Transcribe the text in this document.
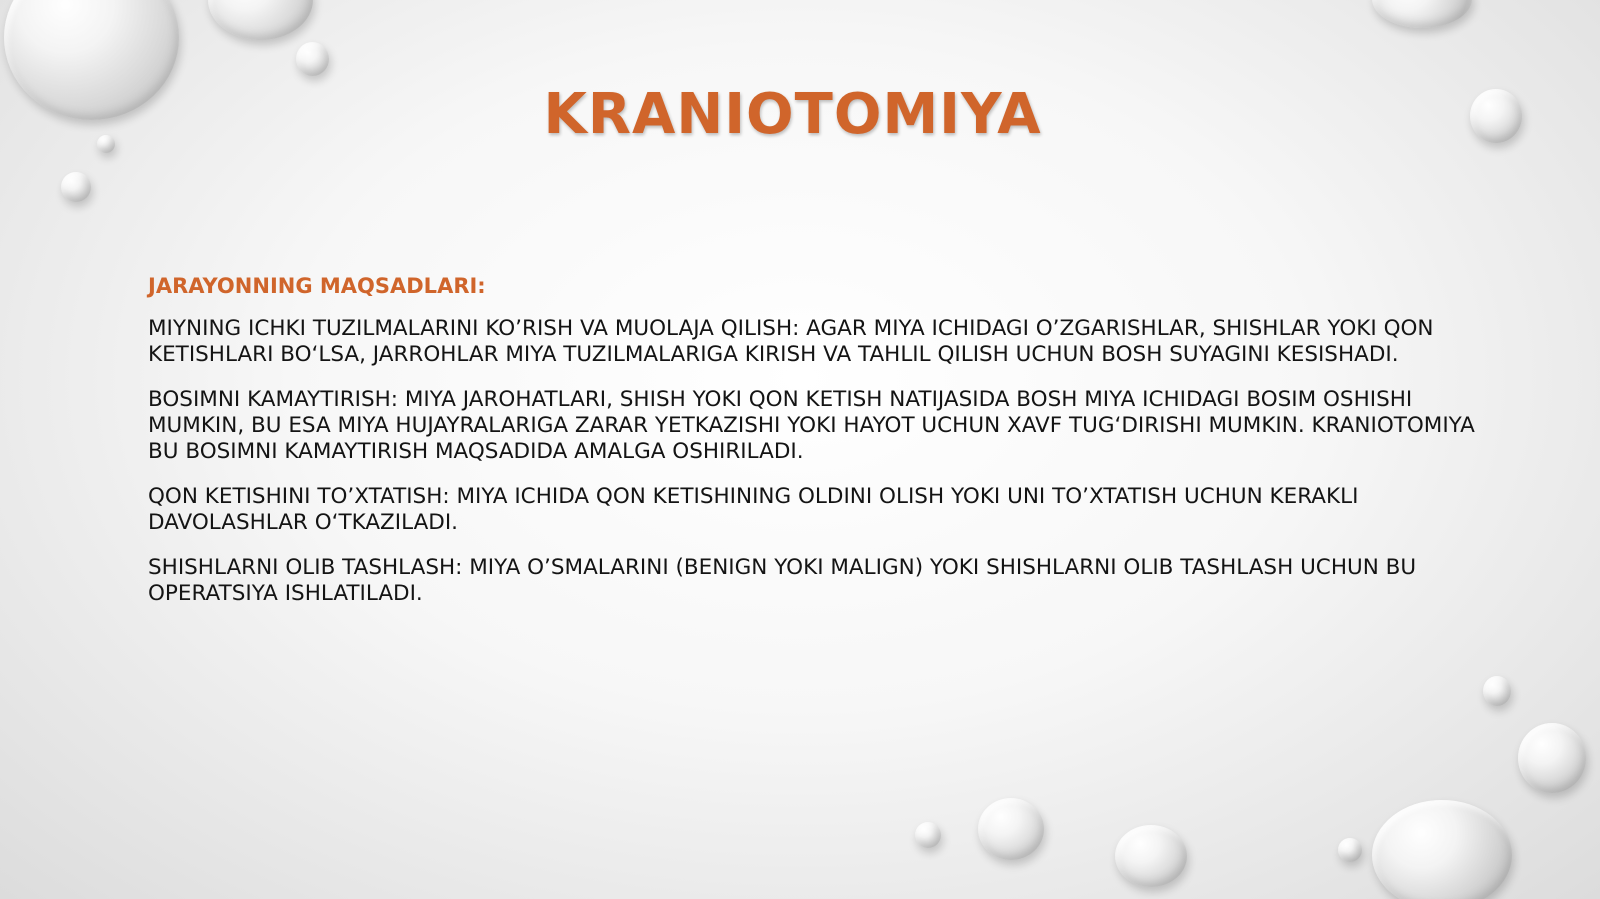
KRANIOTOMIYA

JARAYONNING MAQSADLARI:

MIYNING ICHKI TUZILMALARINI KO’RISH VA MUOLAJA QILISH: AGAR MIYA ICHIDAGI O’ZGARISHLAR, SHISHLAR YOKI QON KETISHLARI BO‘LSA, JARROHLAR MIYA TUZILMALARIGA KIRISH VA TAHLIL QILISH UCHUN BOSH SUYAGINI KESISHADI.

BOSIMNI KAMAYTIRISH: MIYA JAROHATLARI, SHISH YOKI QON KETISH NATIJASIDA BOSH MIYA ICHIDAGI BOSIM OSHISHI MUMKIN, BU ESA MIYA HUJAYRALARIGA ZARAR YETKAZISHI YOKI HAYOT UCHUN XAVF TUG‘DIRISHI MUMKIN. KRANIOTOMIYA BU BOSIMNI KAMAYTIRISH MAQSADIDA AMALGA OSHIRILADI.

QON KETISHINI TO’XTATISH: MIYA ICHIDA QON KETISHINING OLDINI OLISH YOKI UNI TO’XTATISH UCHUN KERAKLI DAVOLASHLAR O‘TKAZILADI.

SHISHLARNI OLIB TASHLASH: MIYA O’SMALARINI (BENIGN YOKI MALIGN) YOKI SHISHLARNI OLIB TASHLASH UCHUN BU OPERATSIYA ISHLATILADI.
